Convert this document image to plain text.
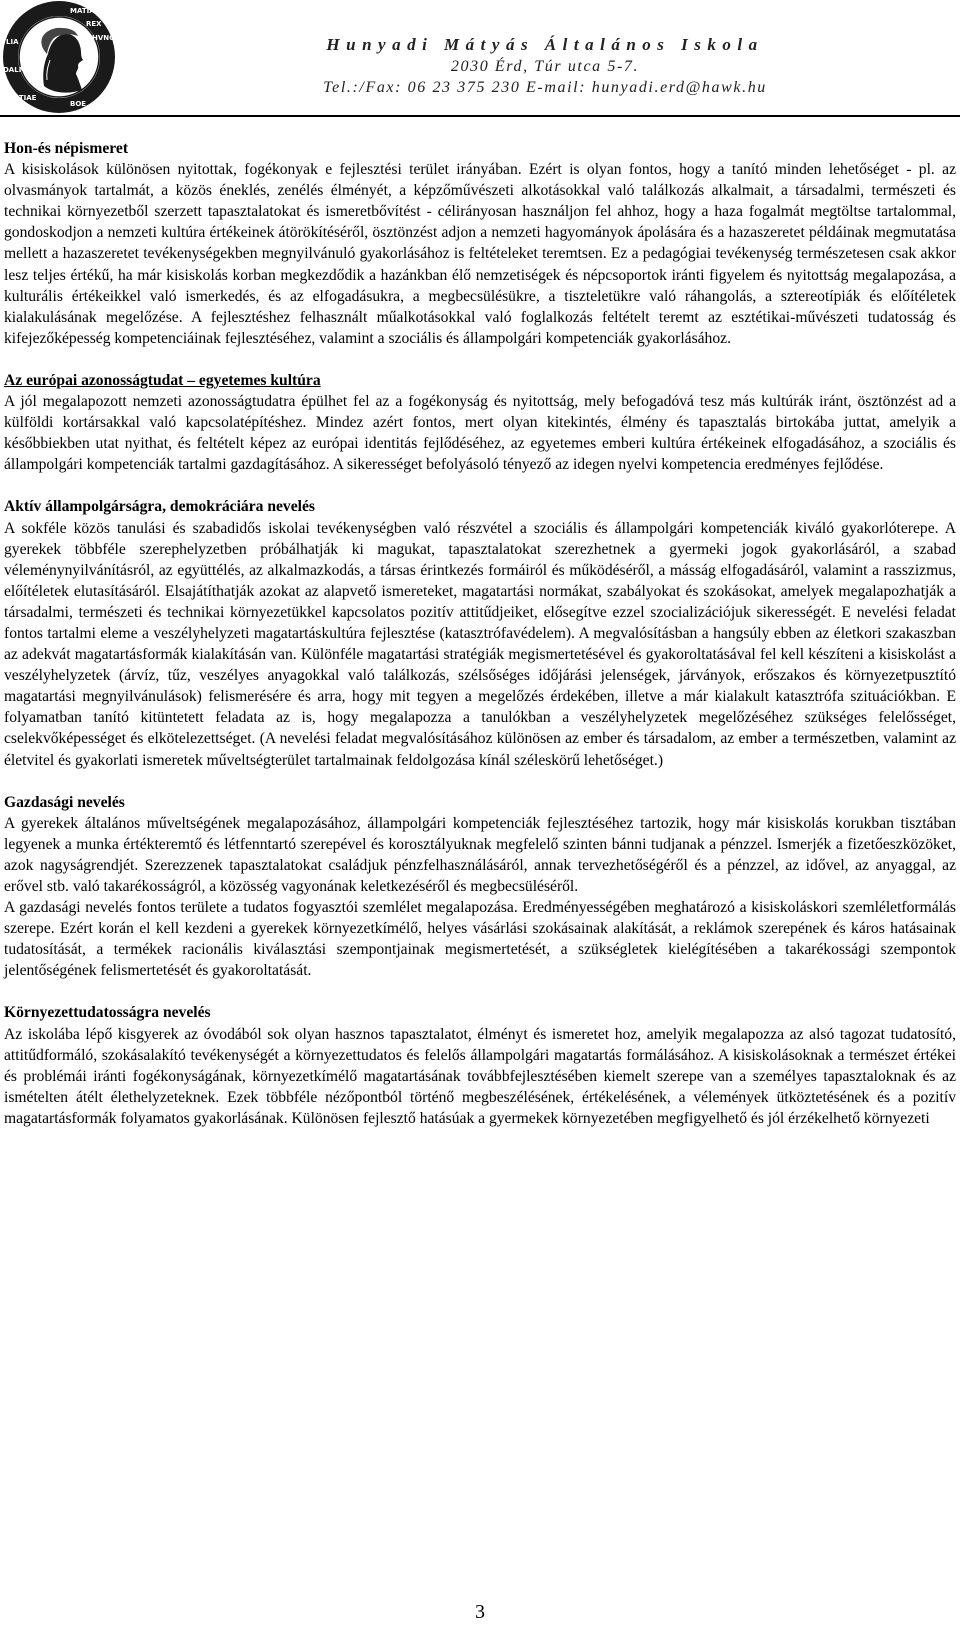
MATIAS
REX
HVNG
LIA
DALM
ATIAE
BOE
Hunyadi Mátyás Általános Iskola
2030 Érd, Túr utca 5-7.
Tel.:/Fax: 06 23 375 230 E-mail: hunyadi.erd@hawk.hu
Hon-és népismeret

A kisiskolások különösen nyitottak, fogékonyak e fejlesztési terület irányában. Ezért is olyan fontos, hogy a tanító minden lehetőséget - pl. az olvasmányok tartalmát, a közös éneklés, zenélés élményét, a képzőművészeti alkotásokkal való találkozás alkalmait, a társadalmi, természeti és technikai környezetből szerzett tapasztalatokat és ismeretbővítést - célirányosan használjon fel ahhoz, hogy a haza fogalmát megtöltse tartalommal, gondoskodjon a nemzeti kultúra értékeinek átörökítéséről, ösztönzést adjon a nemzeti hagyományok ápolására és a hazaszeretet példáinak megmutatása mellett a hazaszeretet tevékenységekben megnyilvánuló gyakorlásához is feltételeket teremtsen. Ez a pedagógiai tevékenység természetesen csak akkor lesz teljes értékű, ha már kisiskolás korban megkezdődik a hazánkban élő nemzetiségek és népcsoportok iránti figyelem és nyitottság megalapozása, a kulturális értékeikkel való ismerkedés, és az elfogadásukra, a megbecsülésükre, a tiszteletükre való ráhangolás, a sztereotípiák és előítéletek kialakulásának megelőzése. A fejlesztéshez felhasznált műalkotásokkal való foglalkozás feltételt teremt az esztétikai-művészeti tudatosság és kifejezőképesség kompetenciáinak fejlesztéséhez, valamint a szociális és állampolgári kompetenciák gyakorlásához.

Az európai azonosságtudat – egyetemes kultúra

A jól megalapozott nemzeti azonosságtudatra épülhet fel az a fogékonyság és nyitottság, mely befogadóvá tesz más kultúrák iránt, ösztönzést ad a külföldi kortársakkal való kapcsolatépítéshez. Mindez azért fontos, mert olyan kitekintés, élmény és tapasztalás birtokába juttat, amelyik a későbbiekben utat nyithat, és feltételt képez az európai identitás fejlődéséhez, az egyetemes emberi kultúra értékeinek elfogadásához, a szociális és állampolgári kompetenciák tartalmi gazdagításához. A sikerességet befolyásoló tényező az idegen nyelvi kompetencia eredményes fejlődése.

Aktív állampolgárságra, demokráciára nevelés

A sokféle közös tanulási és szabadidős iskolai tevékenységben való részvétel a szociális és állampolgári kompetenciák kiváló gyakorlóterepe. A gyerekek többféle szerephelyzetben próbálhatják ki magukat, tapasztalatokat szerezhetnek a gyermeki jogok gyakorlásáról, a szabad véleménynyilvánításról, az együttélés, az alkalmazkodás, a társas érintkezés formáiról és működéséről, a másság elfogadásáról, valamint a rasszizmus, előítéletek elutasításáról. Elsajátíthatják azokat az alapvető ismereteket, magatartási normákat, szabályokat és szokásokat, amelyek megalapozhatják a társadalmi, természeti és technikai környezetükkel kapcsolatos pozitív attitűdjeiket, elősegítve ezzel szocializációjuk sikerességét. E nevelési feladat fontos tartalmi eleme a veszélyhelyzeti magatartáskultúra fejlesztése (katasztrófavédelem). A megvalósításban a hangsúly ebben az életkori szakaszban az adekvát magatartásformák kialakításán van. Különféle magatartási stratégiák megismertetésével és gyakoroltatásával fel kell készíteni a kisiskolást a veszélyhelyzetek (árvíz, tűz, veszélyes anyagokkal való találkozás, szélsőséges időjárási jelenségek, járványok, erőszakos és környezetpusztító magatartási megnyilvánulások) felismerésére és arra, hogy mit tegyen a megelőzés érdekében, illetve a már kialakult katasztrófa szituációkban. E folyamatban tanító kitüntetett feladata az is, hogy megalapozza a tanulókban a veszélyhelyzetek megelőzéséhez szükséges felelősséget, cselekvőképességet és elkötelezettséget. (A nevelési feladat megvalósításához különösen az ember és társadalom, az ember a természetben, valamint az életvitel és gyakorlati ismeretek műveltségterület tartalmainak feldolgozása kínál széleskörű lehetőséget.)

Gazdasági nevelés

A gyerekek általános műveltségének megalapozásához, állampolgári kompetenciák fejlesztéséhez tartozik, hogy már kisiskolás korukban tisztában legyenek a munka értékteremtő és létfenntartó szerepével és korosztályuknak megfelelő szinten bánni tudjanak a pénzzel. Ismerjék a fizetőeszközöket, azok nagyságrendjét. Szerezzenek tapasztalatokat családjuk pénzfelhasználásáról, annak tervezhetőségéről és a pénzzel, az idővel, az anyaggal, az erővel stb. való takarékosságról, a közösség vagyonának keletkezéséről és megbecsüléséről.

A gazdasági nevelés fontos területe a tudatos fogyasztói szemlélet megalapozása. Eredményességében meghatározó a kisiskoláskori szemléletformálás szerepe. Ezért korán el kell kezdeni a gyerekek környezetkímélő, helyes vásárlási szokásainak alakítását, a reklámok szerepének és káros hatásainak tudatosítását, a termékek racionális kiválasztási szempontjainak megismertetését, a szükségletek kielégítésében a takarékossági szempontok jelentőségének felismertetését és gyakoroltatását.

Környezettudatosságra nevelés

Az iskolába lépő kisgyerek az óvodából sok olyan hasznos tapasztalatot, élményt és ismeretet hoz, amelyik megalapozza az alsó tagozat tudatosító, attitűdformáló, szokásalakító tevékenységét a környezettudatos és felelős állampolgári magatartás formálásához. A kisiskolásoknak a természet értékei és problémái iránti fogékonyságának, környezetkímélő magatartásának továbbfejlesztésében kiemelt szerepe van a személyes tapasztaloknak és az ismételten átélt élethelyzeteknek. Ezek többféle nézőpontból történő megbeszélésének, értékelésének, a vélemények ütköztetésének és a pozitív magatartásformák folyamatos gyakorlásának. Különösen fejlesztő hatásúak a gyermekek környezetében megfigyelhető és jól érzékelhető környezeti

3
